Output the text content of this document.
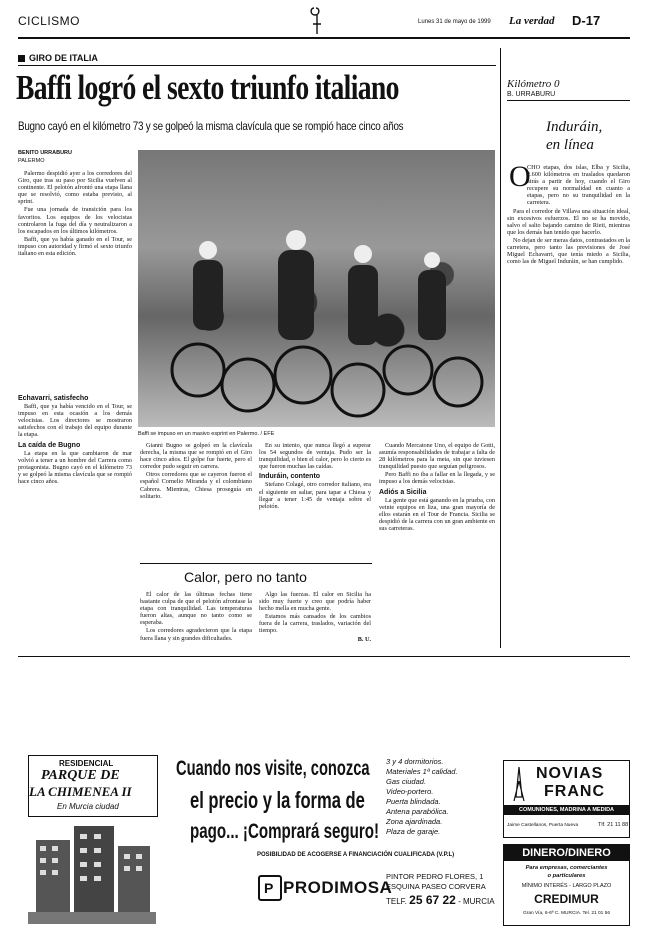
CICLISMO	Lunes 31 de mayo de 1999 La verdad D-17
GIRO DE ITALIA
Baffi logró el sexto triunfo italiano
Bugno cayó en el kilómetro 73 y se golpeó la misma clavícula que se rompió hace cinco años
BENITO URRABURU
PALERMO

Palermo despidió ayer a los corredores del Giro, que tras su paso por Sicilia vuelven al continente. El pelotón afrontó una etapa llana que se resolvió, como estaba previsto, al sprint.

Fue una jornada de transición para los favoritos. Los equipos de los velocistas controlaron la fuga del día y neutralizaron a los escapados en los últimos kilómetros.

Baffi, que ya había ganado en el Tour, se impuso con autoridad y firmó el sexto triunfo italiano en esta edición.

Baffi se impuso en un masivo esprint en Palermo. / EFE
Echavarri, satisfecho

Baffi, que ya había vencido en el Tour, se impuso en esta ocasión a los demás velocistas. Los directores se mostraron satisfechos con el trabajo del equipo durante la etapa.

La caída de Bugno

La etapa en la que cambiaron de mar volvió a tener a un hombre del Carrera como protagonista. Bugno cayó en el kilómetro 73 y se golpeó la misma clavícula que se rompió hace cinco años.

Gianni Bugno se golpeó en la clavícula derecha, la misma que se rompió en el Giro hace cinco años. El golpe fue fuerte, pero el corredor pudo seguir en carrera.

Otros corredores que se cayeron fueron el español Cornelio Miranda y el colombiano Cabrera. Mientras, Chiesa proseguía en solitario.

En su intento, que nunca llegó a superar los 54 segundos de ventaja. Pudo ser la tranquilidad, o bien el calor, pero lo cierto es que fueron muchas las caídas.

Induráin, contento

Stefano Colagé, otro corredor italiano, era el siguiente en saltar, para tapar a Chiesa y llegar a tener 1:45 de ventaja sobre el pelotón.

Cuando Mercatone Uno, el equipo de Gotti, asumía responsabilidades de trabajar a falta de 28 kilómetros para la meta, sin que tuviesen tranquilidad puesto que seguían peligrosos.

Pero Baffi no iba a fallar en la llegada, y se impuso a los demás velocistas.

Adiós a Sicilia

La gente que está ganando en la prueba, con veinte equipos en liza, una gran mayoría de ellos estarán en el Tour de Francia. Sicilia se despidió de la carrera con un gran ambiente en sus carreteras.

Calor, pero no tanto

El calor de las últimas fechas tiene bastante culpa de que el pelotón afrontase la etapa con tranquilidad. Las temperaturas fueron altas, aunque no tanto como se esperaba.

Los corredores agradecieron que la etapa fuera llana y sin grandes dificultades.

Algo las fuerzas. El calor en Sicilia ha sido muy fuerte y creo que podría haber hecho mella en mucha gente.

Estamos más cansados de los cambios fuera de la carrera, traslados, variación del tiempo.

B. U.

Kilómetro 0
B. URRABURU
Induráin,
en línea
O

CHO etapas, dos islas, Elba y Sicilia, 2.600 kilómetros en traslados quedaron atrás a partir de hoy, cuando el Giro recupere su normalidad en cuanto a etapas, pero no su tranquilidad en la carretera.

Para el corredor de Villava una situación ideal, sin excesivos esfuerzos. El no se ha movido, salvo el salto bajando camino de Rieti, mientras que los demás han tenido que hacerlo.

No dejan de ser meras datos, contrastados en la carretera, pero tanto las previsiones de José Miguel Echavarri, que tenía miedo a Sicilia, como las de Miguel Induráin, se han cumplido.

RESIDENCIAL
PARQUE DE
LA CHIMENEA II
En Murcia ciudad
Cuando nos visite, conozca
el precio y la forma de
pago... ¡Comprará seguro!
3 y 4 dormitorios.
Materiales 1ª calidad.
Gas ciudad.
Video-portero.
Puerta blindada.
Antena parabólica.
Zona ajardinada.
Plaza de garaje.
POSIBILIDAD DE ACOGERSE A FINANCIACIÓN CUALIFICADA (V.P.L)
P PRODIMOSA
PINTOR PEDRO FLORES, 1
ESQUINA PASEO CORVERA
TELF. 25 67 22 - MURCIA
NOVIAS
FRANC
COMUNIONES, MADRINA A MEDIDA
Jaime Castellanos, Puerta Nueva	Tlf. 21 11 88
DINERO/DINERO
Para empresas, comerciantes
o particulares
MÍNIMO INTERÉS - LARGO PLAZO
CREDIMUR
Gran Vía, 6-6ª C. MURCIA. Tel. 21 01 56
